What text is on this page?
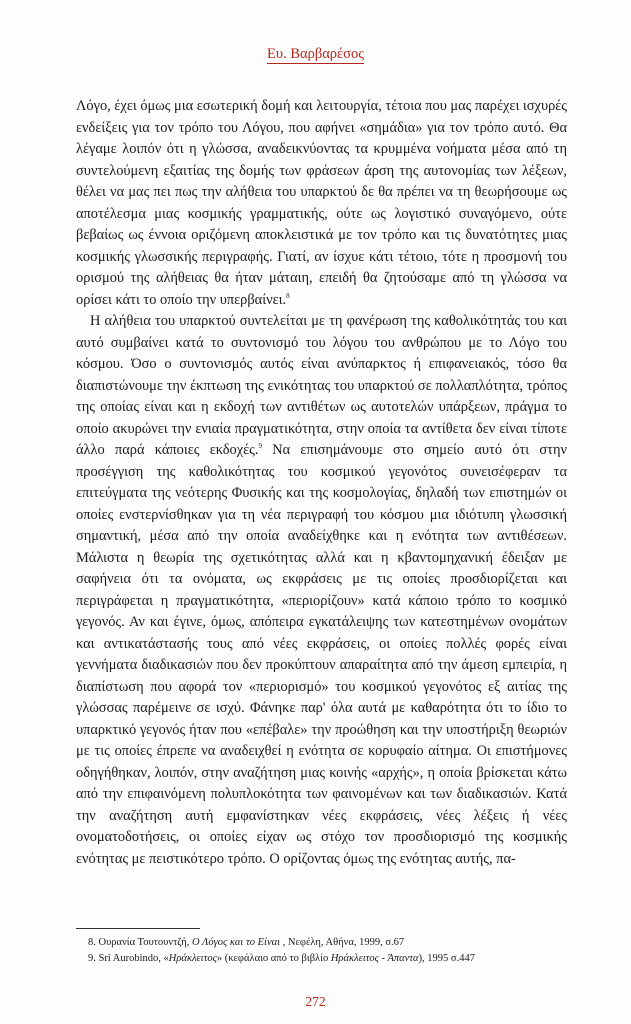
Ευ. Βαρβαρέσος

Λόγο, έχει όμως μια εσωτερική δομή και λειτουργία, τέτοια που μας παρέχει ισχυρές ενδείξεις για τον τρόπο του Λόγου, που αφήνει «σημάδια» για τον τρόπο αυτό. Θα λέγαμε λοιπόν ότι η γλώσσα, αναδεικνύοντας τα κρυμμένα νοήματα μέσα από τη συντελούμενη εξαιτίας της δομής των φράσεων άρση της αυτονομίας των λέξεων, θέλει να μας πει πως την αλήθεια του υπαρκτού δε θα πρέπει να τη θεωρήσουμε ως αποτέλεσμα μιας κοσμικής γραμματικής, ούτε ως λογιστικό συναγόμενο, ούτε βεβαίως ως έννοια οριζόμενη αποκλειστικά με τον τρόπο και τις δυνατότητες μιας κοσμικής γλωσσικής περιγραφής. Γιατί, αν ίσχυε κάτι τέτοιο, τότε η προσμονή του ορισμού της αλήθειας θα ήταν μάταιη, επειδή θα ζητούσαμε από τη γλώσσα να ορίσει κάτι το οποίο την υπερβαίνει.$^8$

Η αλήθεια του υπαρκτού συντελείται με τη φανέρωση της καθολικότητάς του και αυτό συμβαίνει κατά το συντονισμό του λόγου του ανθρώπου με το Λόγο του κόσμου. Όσο ο συντονισμός αυτός είναι ανύπαρκτος ή επιφανειακός, τόσο θα διαπιστώνουμε την έκπτωση της ενικότητας του υπαρκτού σε πολλαπλότητα, τρόπος της οποίας είναι και η εκδοχή των αντιθέτων ως αυτοτελών υπάρξεων, πράγμα το οποίο ακυρώνει την ενιαία πραγματικότητα, στην οποία τα αντίθετα δεν είναι τίποτε άλλο παρά κάποιες εκδοχές.$^9$ Να επισημάνουμε στο σημείο αυτό ότι στην προσέγγιση της καθολικότητας του κοσμικού γεγονότος συνεισέφεραν τα επιτεύγματα της νεότερης Φυσικής και της κοσμολογίας, δηλαδή των επιστημών οι οποίες ενστερνίσθηκαν για τη νέα περιγραφή του κόσμου μια ιδιότυπη γλωσσική σημαντική, μέσα από την οποία αναδείχθηκε και η ενότητα των αντιθέσεων. Μάλιστα η θεωρία της σχετικότητας αλλά και η κβαντομηχανική έδειξαν με σαφήνεια ότι τα ονόματα, ως εκφράσεις με τις οποίες προσδιορίζεται και περιγράφεται η πραγματικότητα, «περιορίζουν» κατά κάποιο τρόπο το κοσμικό γεγονός. Αν και έγινε, όμως, απόπειρα εγκατάλειψης των κατεστημένων ονομάτων και αντικατάστασής τους από νέες εκφράσεις, οι οποίες πολλές φορές είναι γεννήματα διαδικασιών που δεν προκύπτουν απαραίτητα από την άμεση εμπειρία, η διαπίστωση που αφορά τον «περιορισμό» του κοσμικού γεγονότος εξ αιτίας της γλώσσας παρέμεινε σε ισχύ. Φάνηκε παρ' όλα αυτά με καθαρότητα ότι το ίδιο το υπαρκτικό γεγονός ήταν που «επέβαλε» την προώθηση και την υποστήριξη θεωριών με τις οποίες έπρεπε να αναδειχθεί η ενότητα σε κορυφαίο αίτημα. Οι επιστήμονες οδηγήθηκαν, λοιπόν, στην αναζήτηση μιας κοινής «αρχής», η οποία βρίσκεται κάτω από την επιφαινόμενη πολυπλοκότητα των φαινομένων και των διαδικασιών. Κατά την αναζήτηση αυτή εμφανίστηκαν νέες εκφράσεις, νέες λέξεις ή νέες ονοματοδοτήσεις, οι οποίες είχαν ως στόχο τον προσδιορισμό της κοσμικής ενότητας με πειστικότερο τρόπο. Ο ορίζοντας όμως της ενότητας αυτής, πα-

8. Ουρανία Τουτουντζή, Ο Λόγος και το Είναι , Νεφέλη, Αθήνα, 1999, σ.67
9. Sri Aurobindo, «Ηράκλειτος» (κεφάλαιο από το βιβλίο Ηράκλειτος - Άπαντα), 1995 σ.447
272
